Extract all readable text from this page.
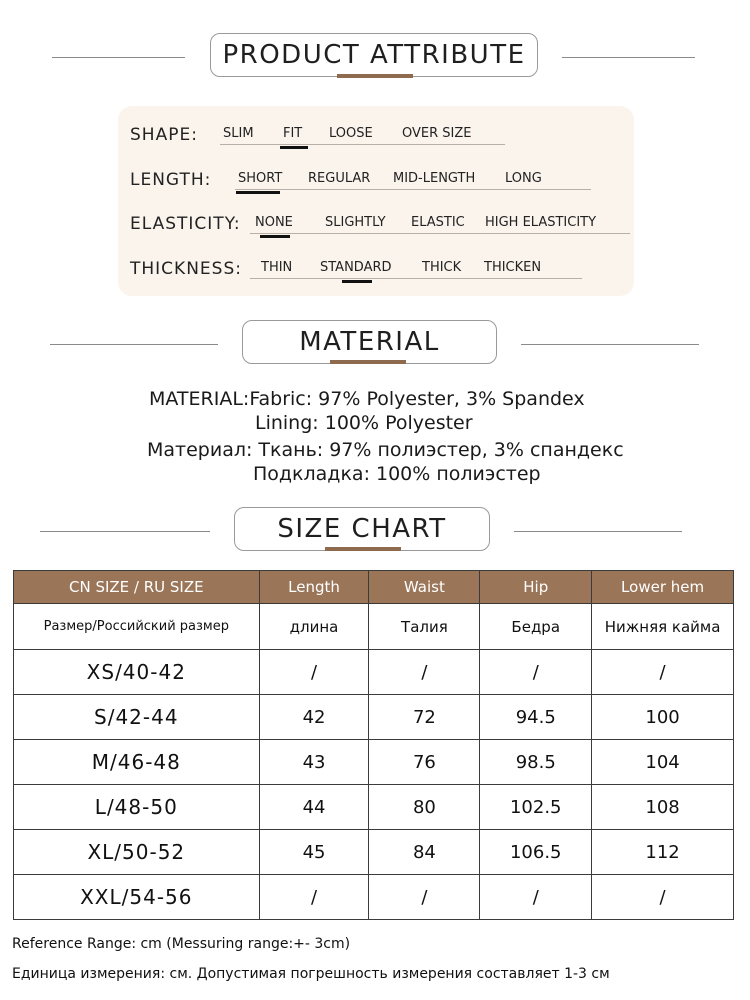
PRODUCT ATTRIBUTE
SHAPE: SLIM FIT LOOSE OVER SIZE
LENGTH: SHORT REGULAR MID-LENGTH LONG
ELASTICITY: NONE SLIGHTLY ELASTIC HIGH ELASTICITY
THICKNESS: THIN STANDARD THICK THICKEN
MATERIAL
MATERIAL:Fabric: 97% Polyester, 3% Spandex
Lining: 100% Polyester
Материал: Ткань: 97% полиэстер, 3% спандекс
Подкладка: 100% полиэстер
SIZE CHART
CN SIZE / RU SIZE	Length	Waist	Hip	Lower hem
Размер/Российский размер	длина	Талия	Бедра	Нижняя кайма
XS/40-42	/	/	/	/
S/42-44	42	72	94.5	100
M/46-48	43	76	98.5	104
L/48-50	44	80	102.5	108
XL/50-52	45	84	106.5	112
XXL/54-56	/	/	/	/
Reference Range: cm (Messuring range:+- 3cm)
Единица измерения: см. Допустимая погрешность измерения составляет 1-3 см
